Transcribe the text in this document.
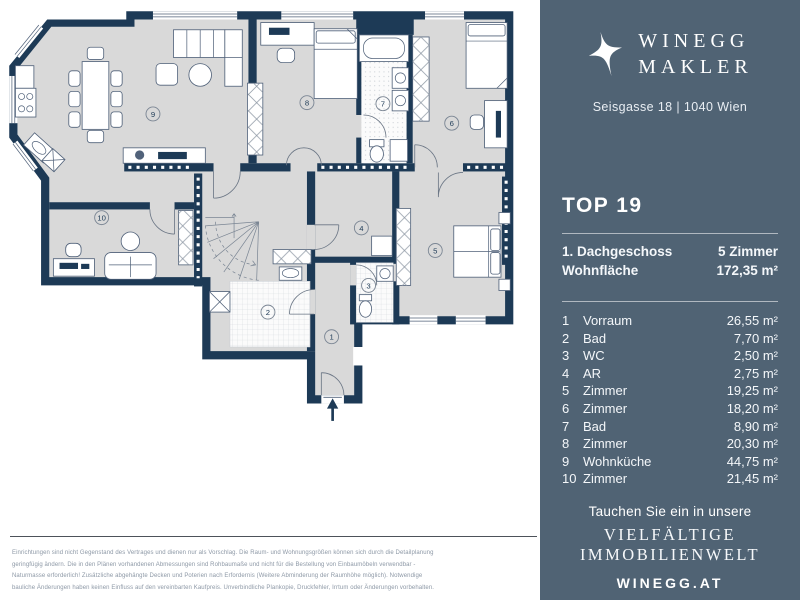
1
2
3
4
5
6
7
8
9
10
Einrichtungen sind nicht Gegenstand des Vertrages und dienen nur als Vorschlag. Die Raum- und Wohnungsgrößen können sich durch die Detailplanung
geringfügig ändern. Die in den Plänen vorhandenen Abmessungen sind Rohbaumaße und nicht für die Bestellung von Einbaumöbeln verwendbar -
Naturmasse erforderlich! Zusätzliche abgehängte Decken und Poterien nach Erfordernis (Weitere Abminderung der Raumhöhe möglich). Notwendige
bauliche Änderungen haben keinen Einfluss auf den vereinbarten Kaufpreis. Unverbindliche Plankopie, Druckfehler, Irrtum oder Änderungen vorbehalten.
WINEGG
MAKLER
Seisgasse 18 | 1040 Wien
TOP 19
1. Dachgeschoss	5 Zimmer
Wohnfläche	172,35 m²
1	Vorraum	26,55 m²
2	Bad	7,70 m²
3	WC	2,50 m²
4	AR	2,75 m²
5	Zimmer	19,25 m²
6	Zimmer	18,20 m²
7	Bad	8,90 m²
8	Zimmer	20,30 m²
9	Wohnküche	44,75 m²
10 Zimmer	21,45 m²
Tauchen Sie ein in unsere
VIELFÄLTIGE
IMMOBILIENWELT
WINEGG.AT
